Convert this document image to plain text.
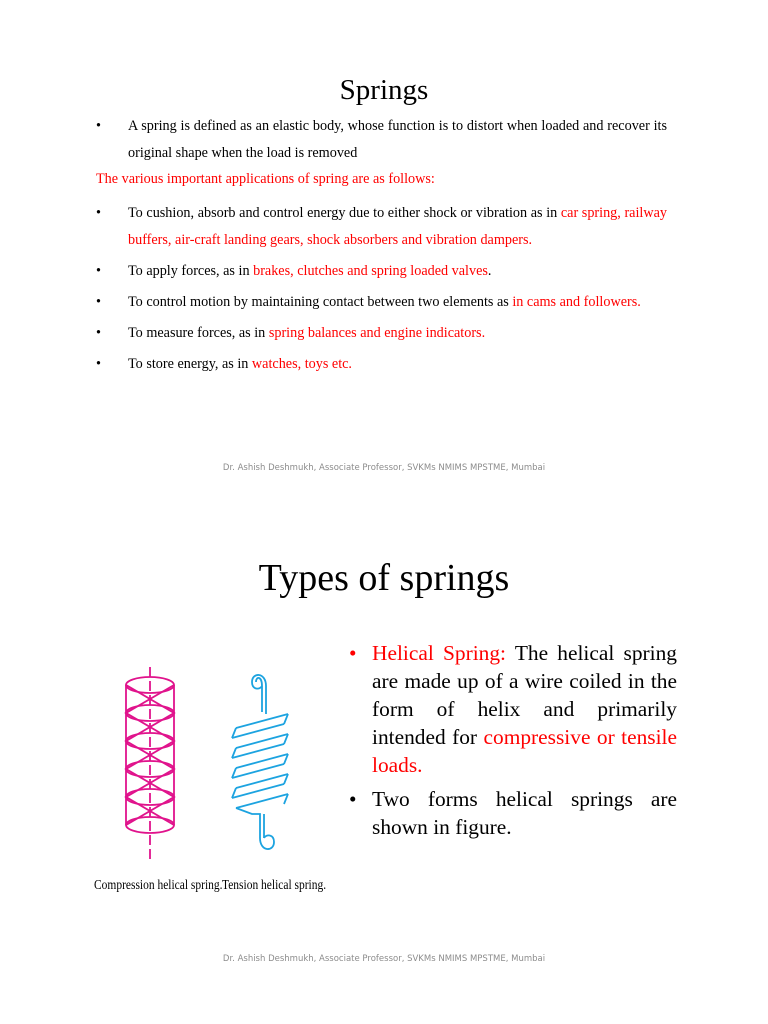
Springs
• A spring is defined as an elastic body, whose function is to distort when loaded and recover its original shape when the load is removed
The various important applications of spring are as follows:
• To cushion, absorb and control energy due to either shock or vibration as in car spring, railway buffers, air-craft landing gears, shock absorbers and vibration dampers.
• To apply forces, as in brakes, clutches and spring loaded valves.
• To control motion by maintaining contact between two elements as in cams and followers.
• To measure forces, as in spring balances and engine indicators.
• To store energy, as in watches, toys etc.
Dr. Ashish Deshmukh, Associate Professor, SVKMs NMIMS MPSTME, Mumbai
Types of springs
Compression helical spring. Tension helical spring.
• Helical Spring: The helical spring are made up of a wire coiled in the form of helix and primarily intended for compressive or tensile loads.
• Two forms helical springs are shown in figure.
Dr. Ashish Deshmukh, Associate Professor, SVKMs NMIMS MPSTME, Mumbai
